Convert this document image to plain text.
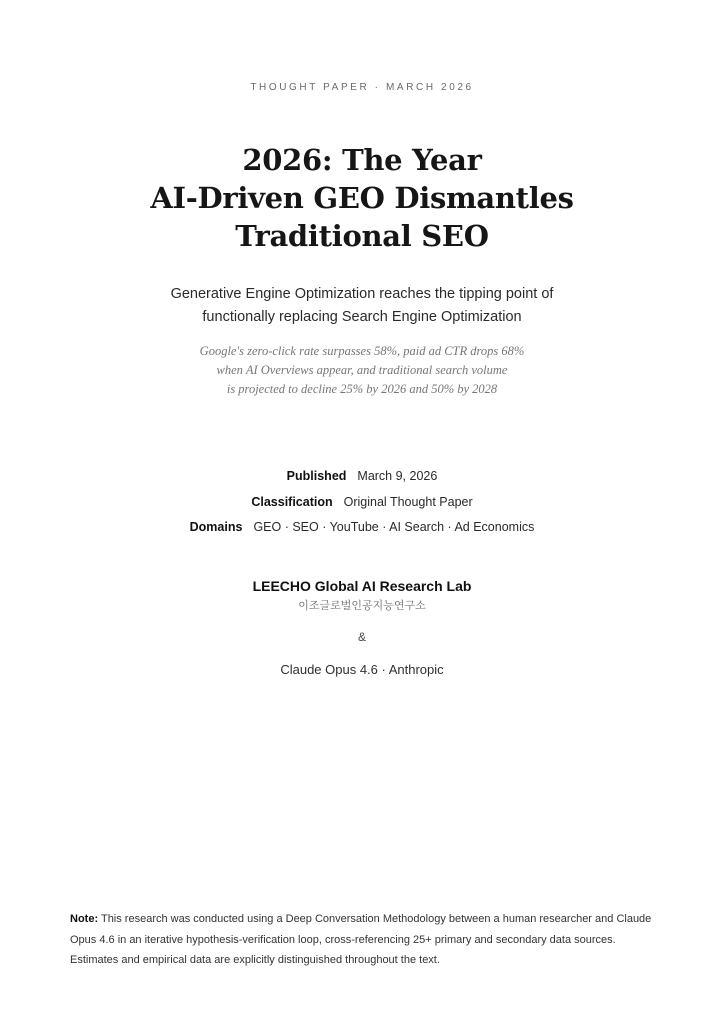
THOUGHT PAPER · MARCH 2026
2026: The Year
AI-Driven GEO Dismantles
Traditional SEO
Generative Engine Optimization reaches the tipping point of
functionally replacing Search Engine Optimization
Google's zero-click rate surpasses 58%, paid ad CTR drops 68%
when AI Overviews appear, and traditional search volume
is projected to decline 25% by 2026 and 50% by 2028
Published March 9, 2026
Classification Original Thought Paper
Domains GEO · SEO · YouTube · AI Search · Ad Economics
LEECHO Global AI Research Lab
이조글로벌인공지능연구소
&
Claude Opus 4.6 · Anthropic
Note: This research was conducted using a Deep Conversation Methodology between a human researcher and Claude Opus 4.6 in an iterative hypothesis-verification loop, cross-referencing 25+ primary and secondary data sources. Estimates and empirical data are explicitly distinguished throughout the text.
